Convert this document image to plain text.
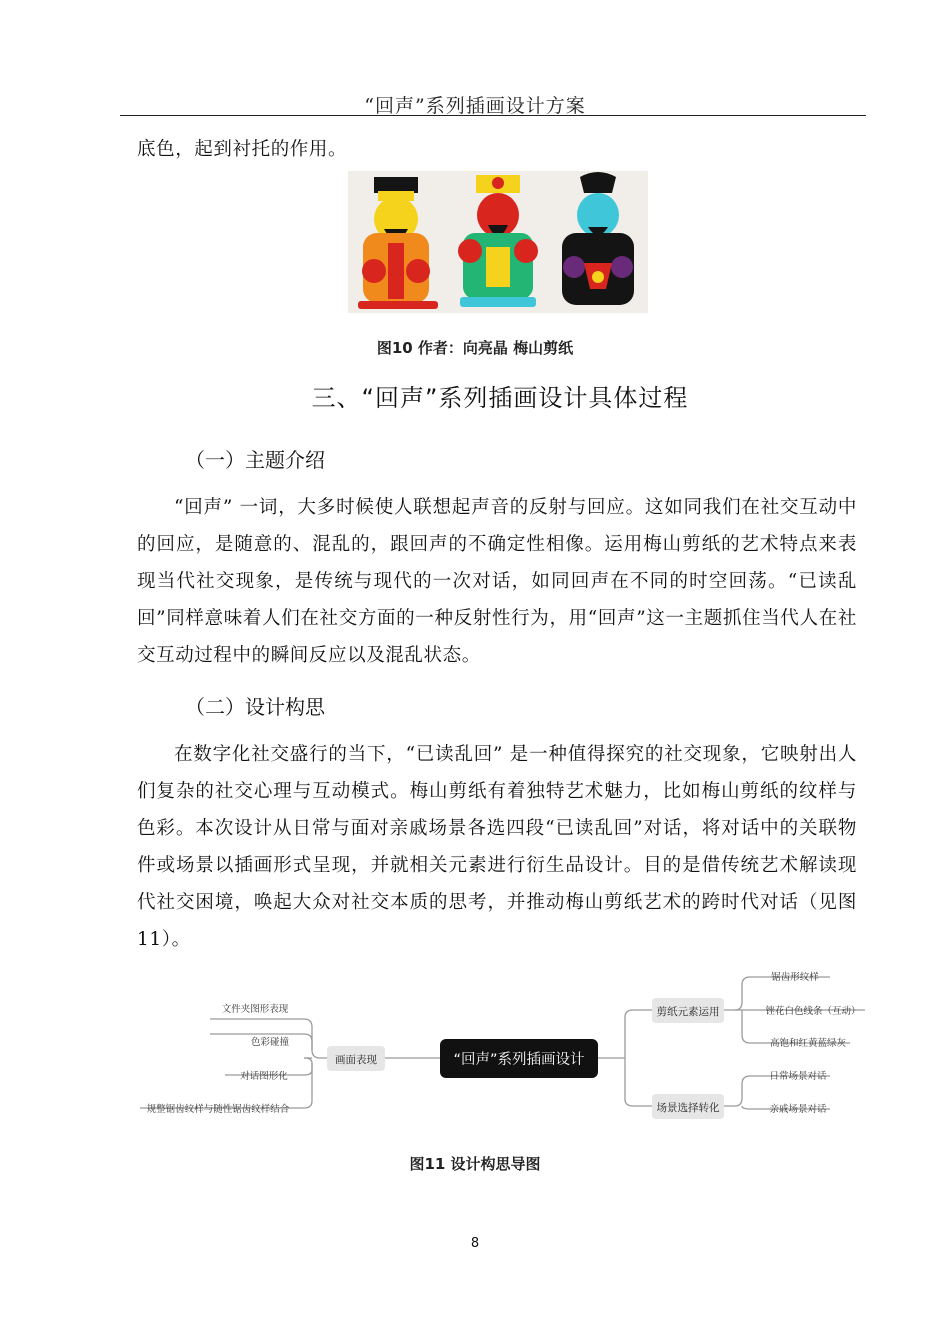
“回声”系列插画设计方案
底色，起到衬托的作用。
图10 作者：向亮晶 梅山剪纸
三、“回声”系列插画设计具体过程
（一）主题介绍
“回声” 一词，大多时候使人联想起声音的反射与回应。这如同我们在社交互动中的回应，是随意的、混乱的，跟回声的不确定性相像。运用梅山剪纸的艺术特点来表现当代社交现象，是传统与现代的一次对话，如同回声在不同的时空回荡。“已读乱回”同样意味着人们在社交方面的一种反射性行为，用“回声”这一主题抓住当代人在社交互动过程中的瞬间反应以及混乱状态。
（二）设计构思
在数字化社交盛行的当下，“已读乱回” 是一种值得探究的社交现象，它映射出人们复杂的社交心理与互动模式。梅山剪纸有着独特艺术魅力，比如梅山剪纸的纹样与色彩。本次设计从日常与面对亲戚场景各选四段“已读乱回”对话，将对话中的关联物件或场景以插画形式呈现，并就相关元素进行衍生品设计。目的是借传统艺术解读现代社交困境，唤起大众对社交本质的思考，并推动梅山剪纸艺术的跨时代对话（见图11）。
“回声”系列插画设计
画面表现
文件夹图形表现
色彩碰撞
对话图形化
规整锯齿纹样与随性锯齿纹样结合
剪纸元素运用
场景选择转化
锯齿形纹样
锉花白色线条（互动）
高饱和红黄蓝绿灰
日常场景对话
亲戚场景对话
图11 设计构思导图
8
